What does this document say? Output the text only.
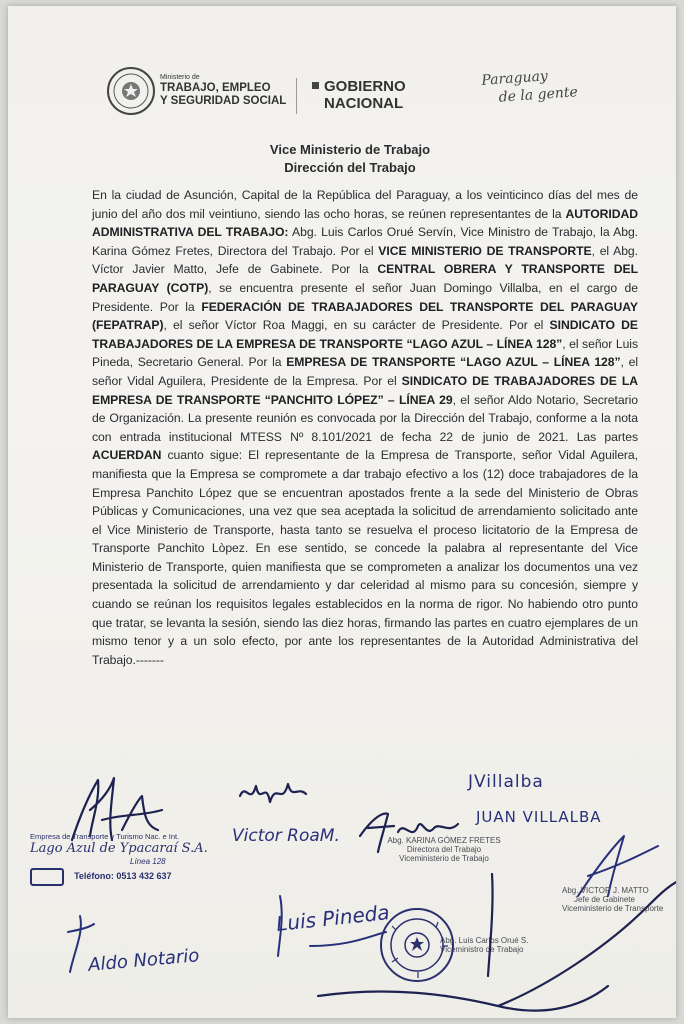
Ministerio de
TRABAJO, EMPLEO
Y SEGURIDAD SOCIAL
GOBIERNO
NACIONAL
Paraguay
de la gente
Vice Ministerio de Trabajo
Dirección del Trabajo
En la ciudad de Asunción, Capital de la República del Paraguay, a los veinticinco días del mes de junio del año dos mil veintiuno, siendo las ocho horas, se reúnen representantes de la AUTORIDAD ADMINISTRATIVA DEL TRABAJO: Abg. Luis Carlos Orué Servín, Vice Ministro de Trabajo, la Abg. Karina Gómez Fretes, Directora del Trabajo. Por el VICE MINISTERIO DE TRANSPORTE, el Abg. Víctor Javier Matto, Jefe de Gabinete. Por la CENTRAL OBRERA Y TRANSPORTE DEL PARAGUAY (COTP), se encuentra presente el señor Juan Domingo Villalba, en el cargo de Presidente. Por la FEDERACIÓN DE TRABAJADORES DEL TRANSPORTE DEL PARAGUAY (FEPATRAP), el señor Víctor Roa Maggi, en su carácter de Presidente. Por el SINDICATO DE TRABAJADORES DE LA EMPRESA DE TRANSPORTE “LAGO AZUL – LÍNEA 128”, el señor Luis Pineda, Secretario General. Por la EMPRESA DE TRANSPORTE “LAGO AZUL – LÍNEA 128”, el señor Vidal Aguilera, Presidente de la Empresa. Por el SINDICATO DE TRABAJADORES DE LA EMPRESA DE TRANSPORTE “PANCHITO LÓPEZ” – LÍNEA 29, el señor Aldo Notario, Secretario de Organización. La presente reunión es convocada por la Dirección del Trabajo, conforme a la nota con entrada institucional MTESS Nº 8.101/2021 de fecha 22 de junio de 2021. Las partes ACUERDAN cuanto sigue: El representante de la Empresa de Transporte, señor Vidal Aguilera, manifiesta que la Empresa se compromete a dar trabajo efectivo a los (12) doce trabajadores de la Empresa Panchito López que se encuentran apostados frente a la sede del Ministerio de Obras Públicas y Comunicaciones, una vez que sea aceptada la solicitud de arrendamiento solicitado ante el Vice Ministerio de Transporte, hasta tanto se resuelva el proceso licitatorio de la Empresa de Transporte Panchito Lòpez. En ese sentido, se concede la palabra al representante del Vice Ministerio de Transporte, quien manifiesta que se comprometen a analizar los documentos una vez presentada la solicitud de arrendamiento y dar celeridad al mismo para su concesión, siempre y cuando se reúnan los requisitos legales establecidos en la norma de rigor. No habiendo otro punto que tratar, se levanta la sesión, siendo las diez horas, firmando las partes en cuatro ejemplares de un mismo tenor y a un solo efecto, por ante los representantes de la Autoridad Administrativa del Trabajo.-------
Empresa de Transporte y Turismo Nac. e Int.
Lago Azul de Ypacaraí S.A.
Línea 128
Teléfono: 0513 432 637
Victor RoaM.
JVillalba
JUAN VILLALBA
Abg. KARINA GÓMEZ FRETES
Directora del Trabajo
Viceministerio de Trabajo
Abg. VICTOR J. MATTO
Jefe de Gabinete
Viceministerio de Transporte
Luis Pineda
Abg. Luis Carlos Orué S.
Viceministro de Trabajo
Aldo Notario
